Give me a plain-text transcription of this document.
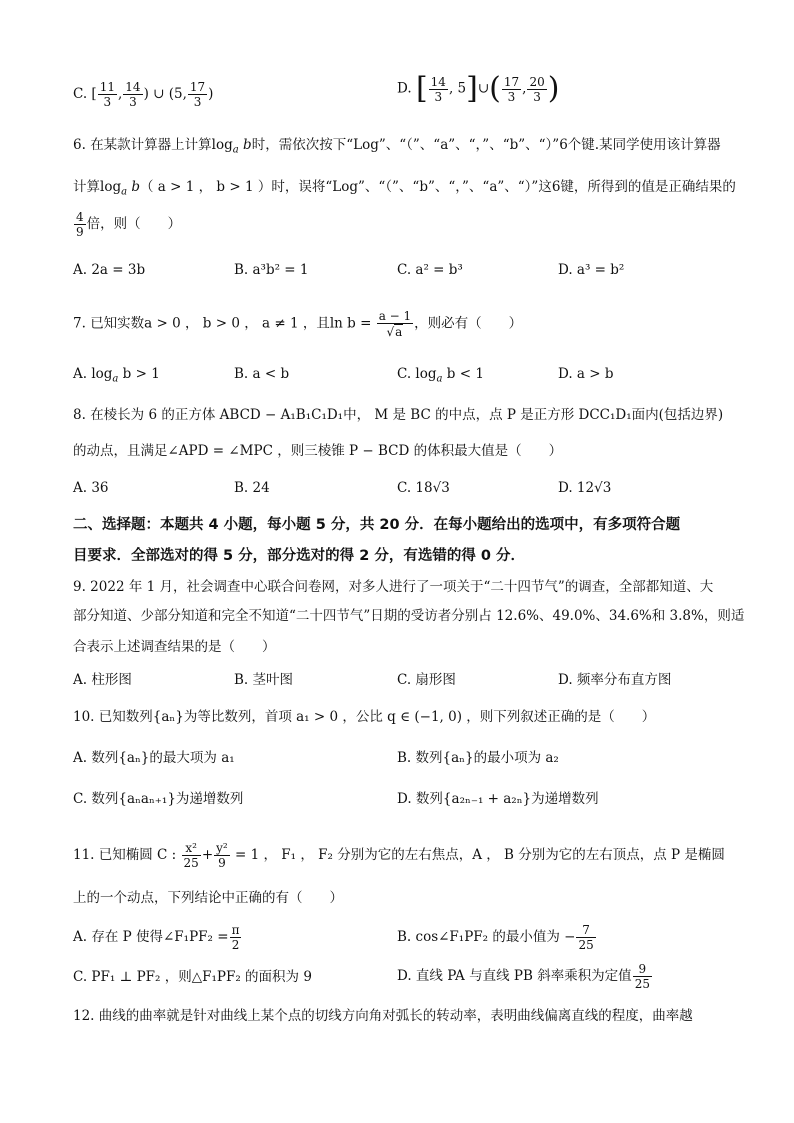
C. [ $\frac{11}{3}$ , $\frac{14}{3}$ ) ∪ (5, $\frac{17}{3}$ )	D. [ $\frac{14}{3}$ , 5]∪( $\frac{17}{3}$ , $\frac{20}{3}$ )
6. 在某款计算器上计算$\log_a b$时，需依次按下“Log”、“（”、“a”、“，”、“b”、“）”6个键.某同学使用该计算器
计算$\log_a b$（ a > 1 ， b > 1 ）时，误将“Log”、“（”、“b”、“，”、“a”、“）”这6键，所得到的值是正确结果的
$\frac{4}{9}$ 倍，则（　　）
A. 2a = 3b	B. a³b² = 1	C. a² = b³	D. a³ = b²
7. 已知实数a > 0 ， b > 0 ， a ≠ 1 ，且$\ln b = \frac{a - 1}{√a}$ ，则必有（　　）
A. $\log_a b > 1$	B. a < b	C. $\log_a b < 1$	D. a > b
8. 在棱长为 6 的正方体 ABCD − A₁B₁C₁D₁中， M 是 BC 的中点，点 P 是正方形 DCC₁D₁面内(包括边界)
的动点，且满足∠APD = ∠MPC ，则三棱锥 P − BCD 的体积最大值是（　　）
A. 36	B. 24	C. 18√3	D. 12√3
二、选择题：本题共 4 小题，每小题 5 分，共 20 分．在每小题给出的选项中，有多项符合题
目要求．全部选对的得 5 分，部分选对的得 2 分，有选错的得 0 分．
9. 2022 年 1 月，社会调查中心联合问卷网，对多人进行了一项关于“二十四节气”的调查，全部都知道、大
部分知道、少部分知道和完全不知道“二十四节气”日期的受访者分别占 12.6%、49.0%、34.6%和 3.8%，则适
合表示上述调查结果的是（　　）
A. 柱形图	B. 茎叶图	C. 扇形图	D. 频率分布直方图
10. 已知数列{aₙ}为等比数列，首项 a₁ > 0 ，公比 q ∈ (−1, 0) ，则下列叙述正确的是（　　）
A. 数列{aₙ}的最大项为 a₁	B. 数列{aₙ}的最小项为 a₂
C. 数列{aₙaₙ₊₁}为递增数列	D. 数列{a₂ₙ₋₁ + a₂ₙ}为递增数列
11. 已知椭圆 C : $\frac{\text{x²}}{25} + \frac{\text{y²}}{9} = 1$ ， F₁ ， F₂ 分别为它的左右焦点，A ， B 分别为它的左右顶点，点 P 是椭圆
上的一个动点，下列结论中正确的有（　　）
A. 存在 P 使得∠F₁PF₂ = $\frac{\pi}{2}$	B. cos∠F₁PF₂ 的最小值为 − $\frac{7}{25}$
C. PF₁ ⊥ PF₂ ，则△F₁PF₂ 的面积为 9	D. 直线 PA 与直线 PB 斜率乘积为定值 $\frac{9}{25}$
12. 曲线的曲率就是针对曲线上某个点的切线方向角对弧长的转动率，表明曲线偏离直线的程度，曲率越
